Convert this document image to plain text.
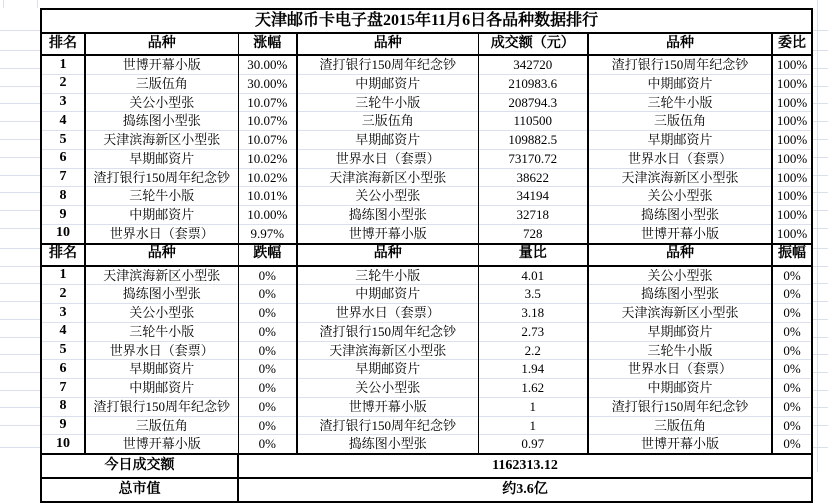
天津邮币卡电子盘2015年11月6日各品种数据排行						
排名	品种	涨幅	品种	成交额（元）	品种	委比
1	世博开幕小版	30.00%	渣打银行150周年纪念钞	342720	渣打银行150周年纪念钞	100%
2	三版伍角	30.00%	中期邮资片	210983.6	中期邮资片	100%
3	关公小型张	10.07%	三轮牛小版	208794.3	三轮牛小版	100%
4	捣练图小型张	10.07%	三版伍角	110500	三版伍角	100%
5	天津滨海新区小型张	10.07%	早期邮资片	109882.5	早期邮资片	100%
6	早期邮资片	10.02%	世界水日（套票）	73170.72	世界水日（套票）	100%
7	渣打银行150周年纪念钞	10.02%	天津滨海新区小型张	38622	天津滨海新区小型张	100%
8	三轮牛小版	10.01%	关公小型张	34194	关公小型张	100%
9	中期邮资片	10.00%	捣练图小型张	32718	捣练图小型张	100%
10	世界水日（套票）	9.97%	世博开幕小版	728	世博开幕小版	100%
排名	品种	跌幅	品种	量比	品种	振幅
1	天津滨海新区小型张	0%	三轮牛小版	4.01	关公小型张	0%
2	捣练图小型张	0%	中期邮资片	3.5	捣练图小型张	0%
3	关公小型张	0%	世界水日（套票）	3.18	天津滨海新区小型张	0%
4	三轮牛小版	0%	渣打银行150周年纪念钞	2.73	早期邮资片	0%
5	世界水日（套票）	0%	天津滨海新区小型张	2.2	三轮牛小版	0%
6	早期邮资片	0%	早期邮资片	1.94	世界水日（套票）	0%
7	中期邮资片	0%	关公小型张	1.62	中期邮资片	0%
8	渣打银行150周年纪念钞	0%	世博开幕小版	1	渣打银行150周年纪念钞	0%
9	三版伍角	0%	渣打银行150周年纪念钞	1	三版伍角	0%
10	世博开幕小版	0%	捣练图小型张	0.97	世博开幕小版	0%
今日成交额		1162313.12				
总市值		约3.6亿				
